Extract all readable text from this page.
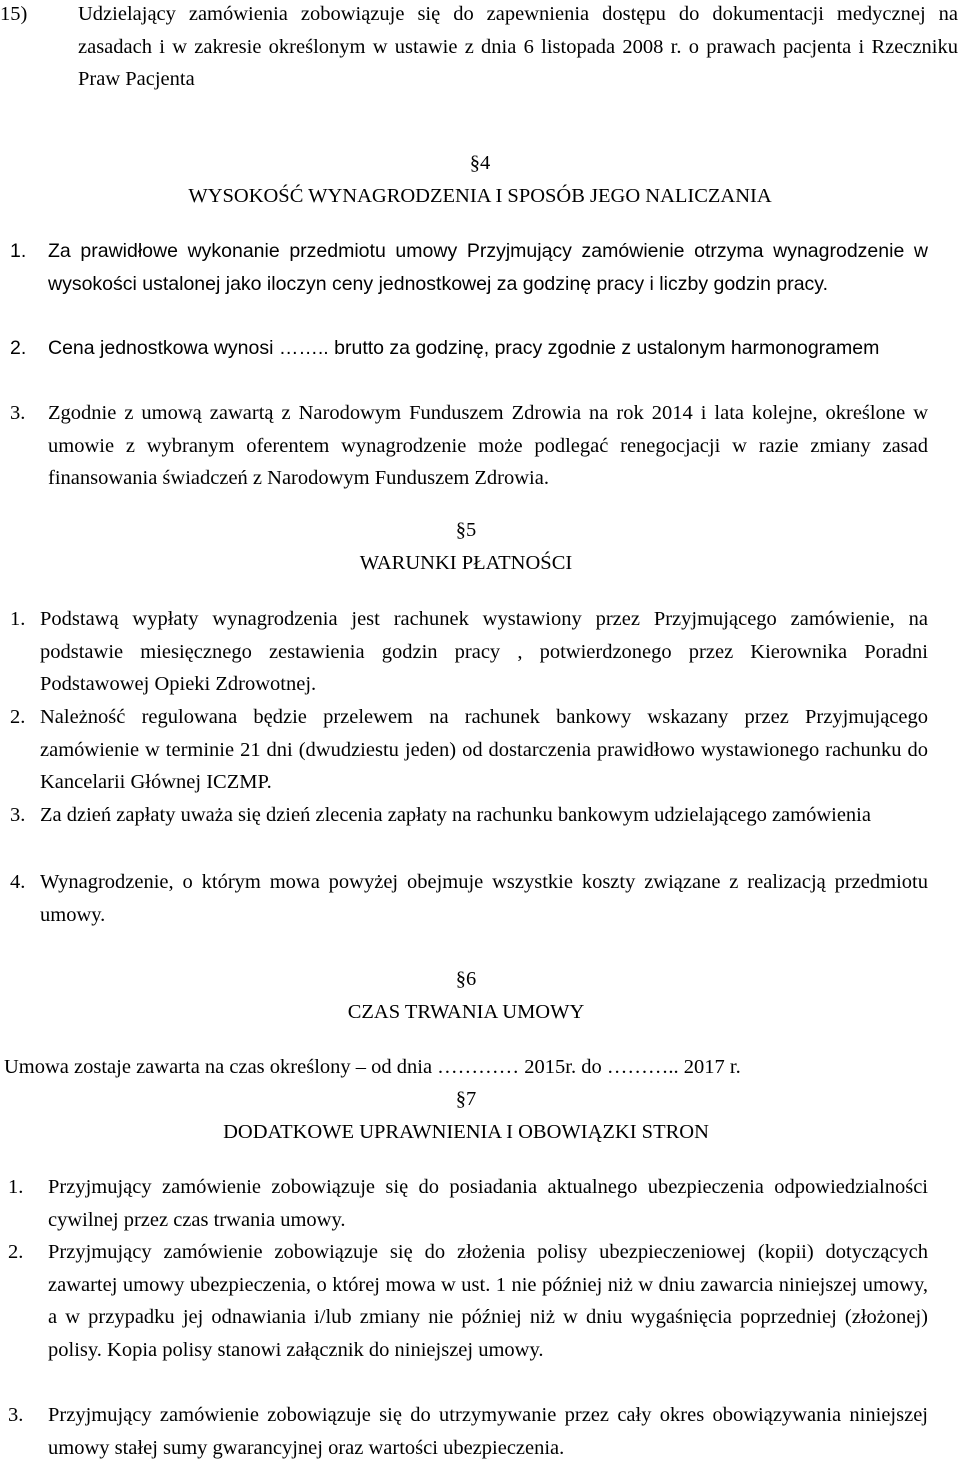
15) Udzielający zamówienia zobowiązuje się do zapewnienia dostępu do dokumentacji medycznej na zasadach i w zakresie określonym w ustawie z dnia 6 listopada 2008 r. o prawach pacjenta i Rzeczniku Praw Pacjenta
§4
WYSOKOŚĆ WYNAGRODZENIA I SPOSÓB JEGO NALICZANIA
1. Za prawidłowe wykonanie przedmiotu umowy Przyjmujący zamówienie otrzyma wynagrodzenie w wysokości ustalonej jako iloczyn ceny jednostkowej za godzinę pracy i liczby godzin pracy.
2. Cena jednostkowa wynosi …….. brutto za godzinę, pracy zgodnie z ustalonym harmonogramem
3. Zgodnie z umową zawartą z Narodowym Funduszem Zdrowia na rok 2014 i lata kolejne, określone w umowie z wybranym oferentem wynagrodzenie może podlegać renegocjacji w razie zmiany zasad finansowania świadczeń z Narodowym Funduszem Zdrowia.
§5
WARUNKI PŁATNOŚCI
1. Podstawą wypłaty wynagrodzenia jest rachunek wystawiony przez Przyjmującego zamówienie, na podstawie miesięcznego zestawienia godzin pracy , potwierdzonego przez Kierownika Poradni Podstawowej Opieki Zdrowotnej.
2. Należność regulowana będzie przelewem na rachunek bankowy wskazany przez Przyjmującego zamówienie w terminie 21 dni (dwudziestu jeden) od dostarczenia prawidłowo wystawionego rachunku do Kancelarii Głównej ICZMP.
3. Za dzień zapłaty uważa się dzień zlecenia zapłaty na rachunku bankowym udzielającego zamówienia
4. Wynagrodzenie, o którym mowa powyżej obejmuje wszystkie koszty związane z realizacją przedmiotu umowy.
§6
CZAS TRWANIA UMOWY
Umowa zostaje zawarta na czas określony – od dnia ………… 2015r. do ……….. 2017 r.
§7
DODATKOWE UPRAWNIENIA I OBOWIĄZKI STRON
1. Przyjmujący zamówienie zobowiązuje się do posiadania aktualnego ubezpieczenia odpowiedzialności cywilnej przez czas trwania umowy.
2. Przyjmujący zamówienie zobowiązuje się do złożenia polisy ubezpieczeniowej (kopii) dotyczących zawartej umowy ubezpieczenia, o której mowa w ust. 1 nie później niż w dniu zawarcia niniejszej umowy, a w przypadku jej odnawiania i/lub zmiany nie później niż w dniu wygaśnięcia poprzedniej (złożonej) polisy. Kopia polisy stanowi załącznik do niniejszej umowy.
3. Przyjmujący zamówienie zobowiązuje się do utrzymywanie przez cały okres obowiązywania niniejszej umowy stałej sumy gwarancyjnej oraz wartości ubezpieczenia.
